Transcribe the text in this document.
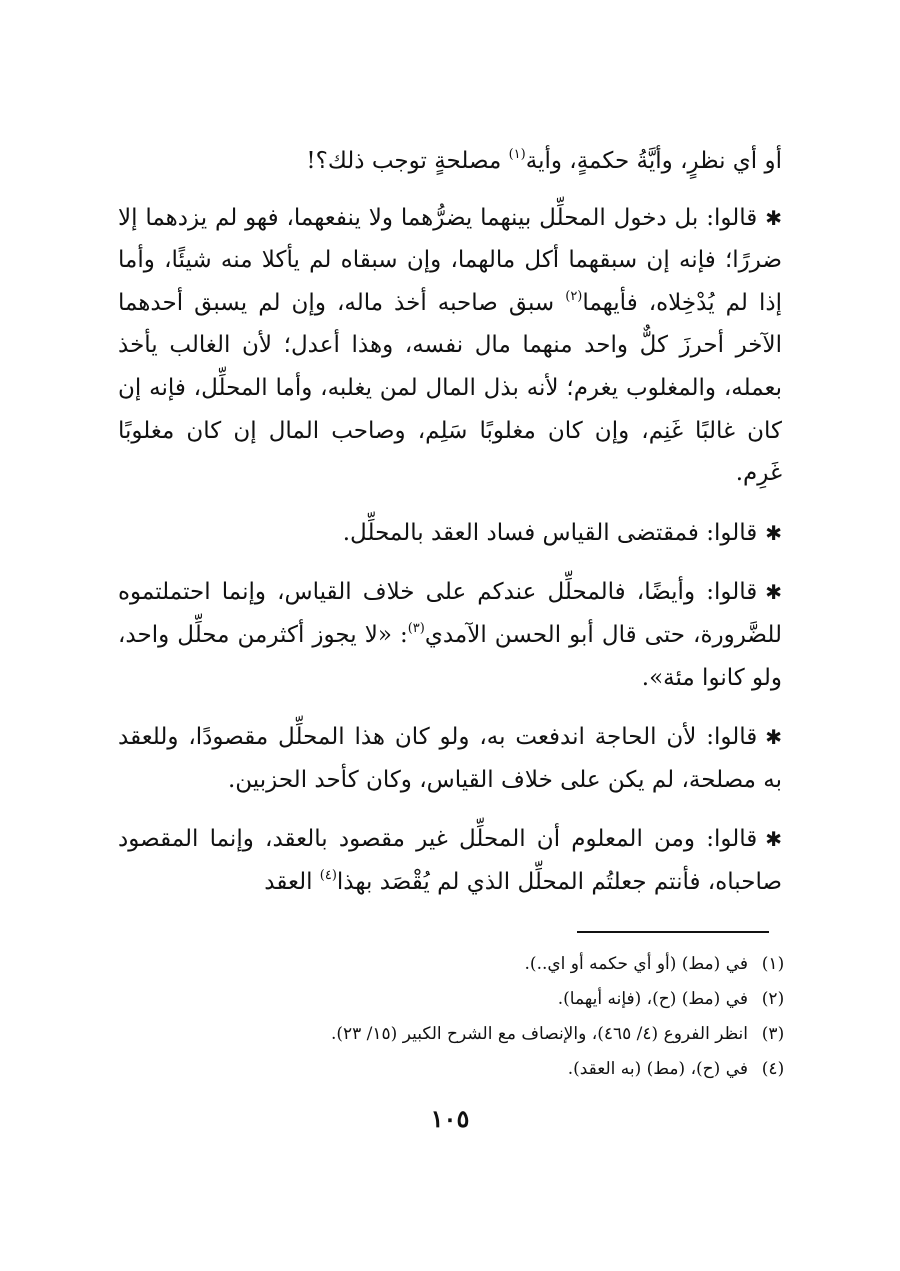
أو أي نظرٍ، وأيَّةُ حكمةٍ، وأية$^{(١)}$ مصلحةٍ توجب ذلك؟!

✱قالوا: بل دخول المحلِّل بينهما يضرُّهما ولا ينفعهما، فهو لم يزدهما إلا ضررًا؛ فإنه إن سبقهما أكل مالهما، وإن سبقاه لم يأكلا منه شيئًا، وأما إذا لم يُدْخِلاه، فأيهما$^{(٢)}$ سبق صاحبه أخذ ماله، وإن لم يسبق أحدهما الآخر أحرزَ كلٌّ واحد منهما مال نفسه، وهذا أعدل؛ لأن الغالب يأخذ بعمله، والمغلوب يغرم؛ لأنه بذل المال لمن يغلبه، وأما المحلِّل، فإنه إن كان غالبًا غَنِم، وإن كان مغلوبًا سَلِم، وصاحب المال إن كان مغلوبًا غَرِم.

✱قالوا: فمقتضى القياس فساد العقد بالمحلِّل.

✱قالوا: وأيضًا، فالمحلِّل عندكم على خلاف القياس، وإنما احتملتموه للضَّرورة، حتى قال أبو الحسن الآمدي$^{(٣)}$: «لا يجوز أكثرمن محلِّل واحد، ولو كانوا مئة».

✱قالوا: لأن الحاجة اندفعت به، ولو كان هذا المحلِّل مقصودًا، وللعقد به مصلحة، لم يكن على خلاف القياس، وكان كأحد الحزبين.

✱قالوا: ومن المعلوم أن المحلِّل غير مقصود بالعقد، وإنما المقصود صاحباه، فأنتم جعلتُم المحلِّل الذي لم يُقْصَد بهذا$^{(٤)}$ العقد

(١)
في (مط) (أو أي حكمه أو اي..).
(٢)
في (مط) (ح)، (فإنه أيهما).
(٣)
انظر الفروع (٤/ ٤٦٥)، والإنصاف مع الشرح الكبير (١٥/ ٢٣).
(٤)
في (ح)، (مط) (به العقد).
١٠٥
